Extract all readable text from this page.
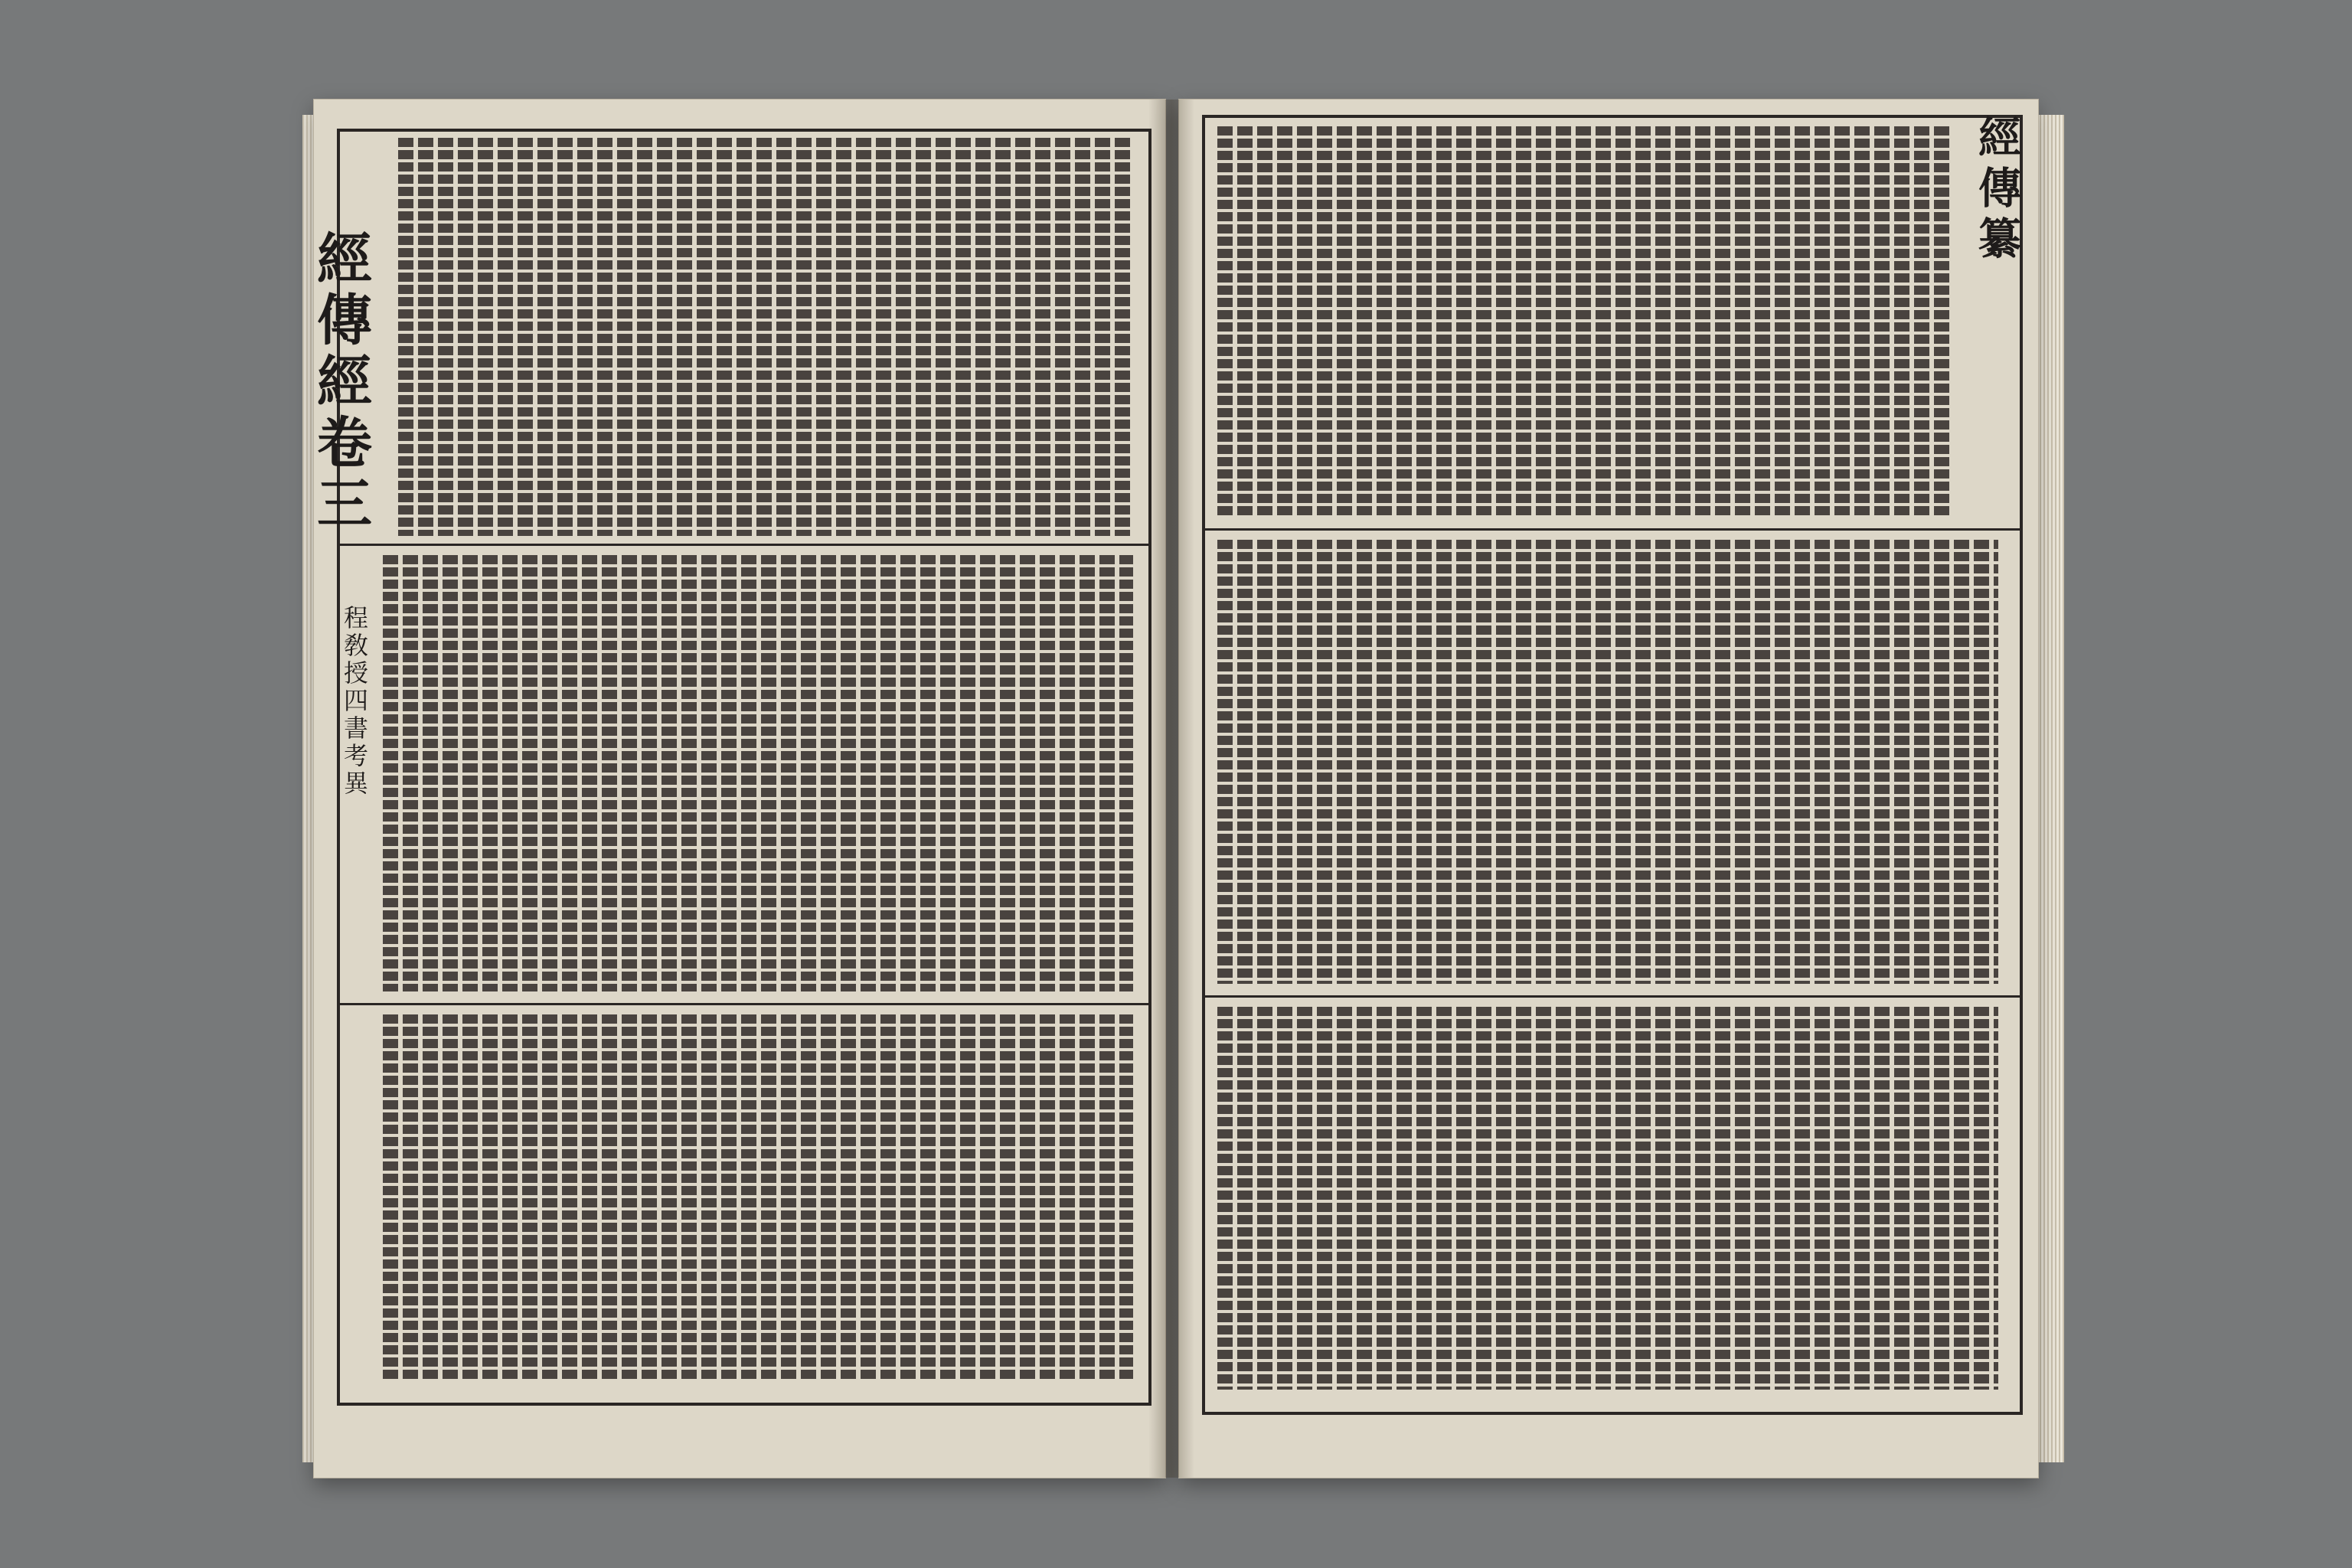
經傳經卷三
經傳纂
程敎授四書考異
